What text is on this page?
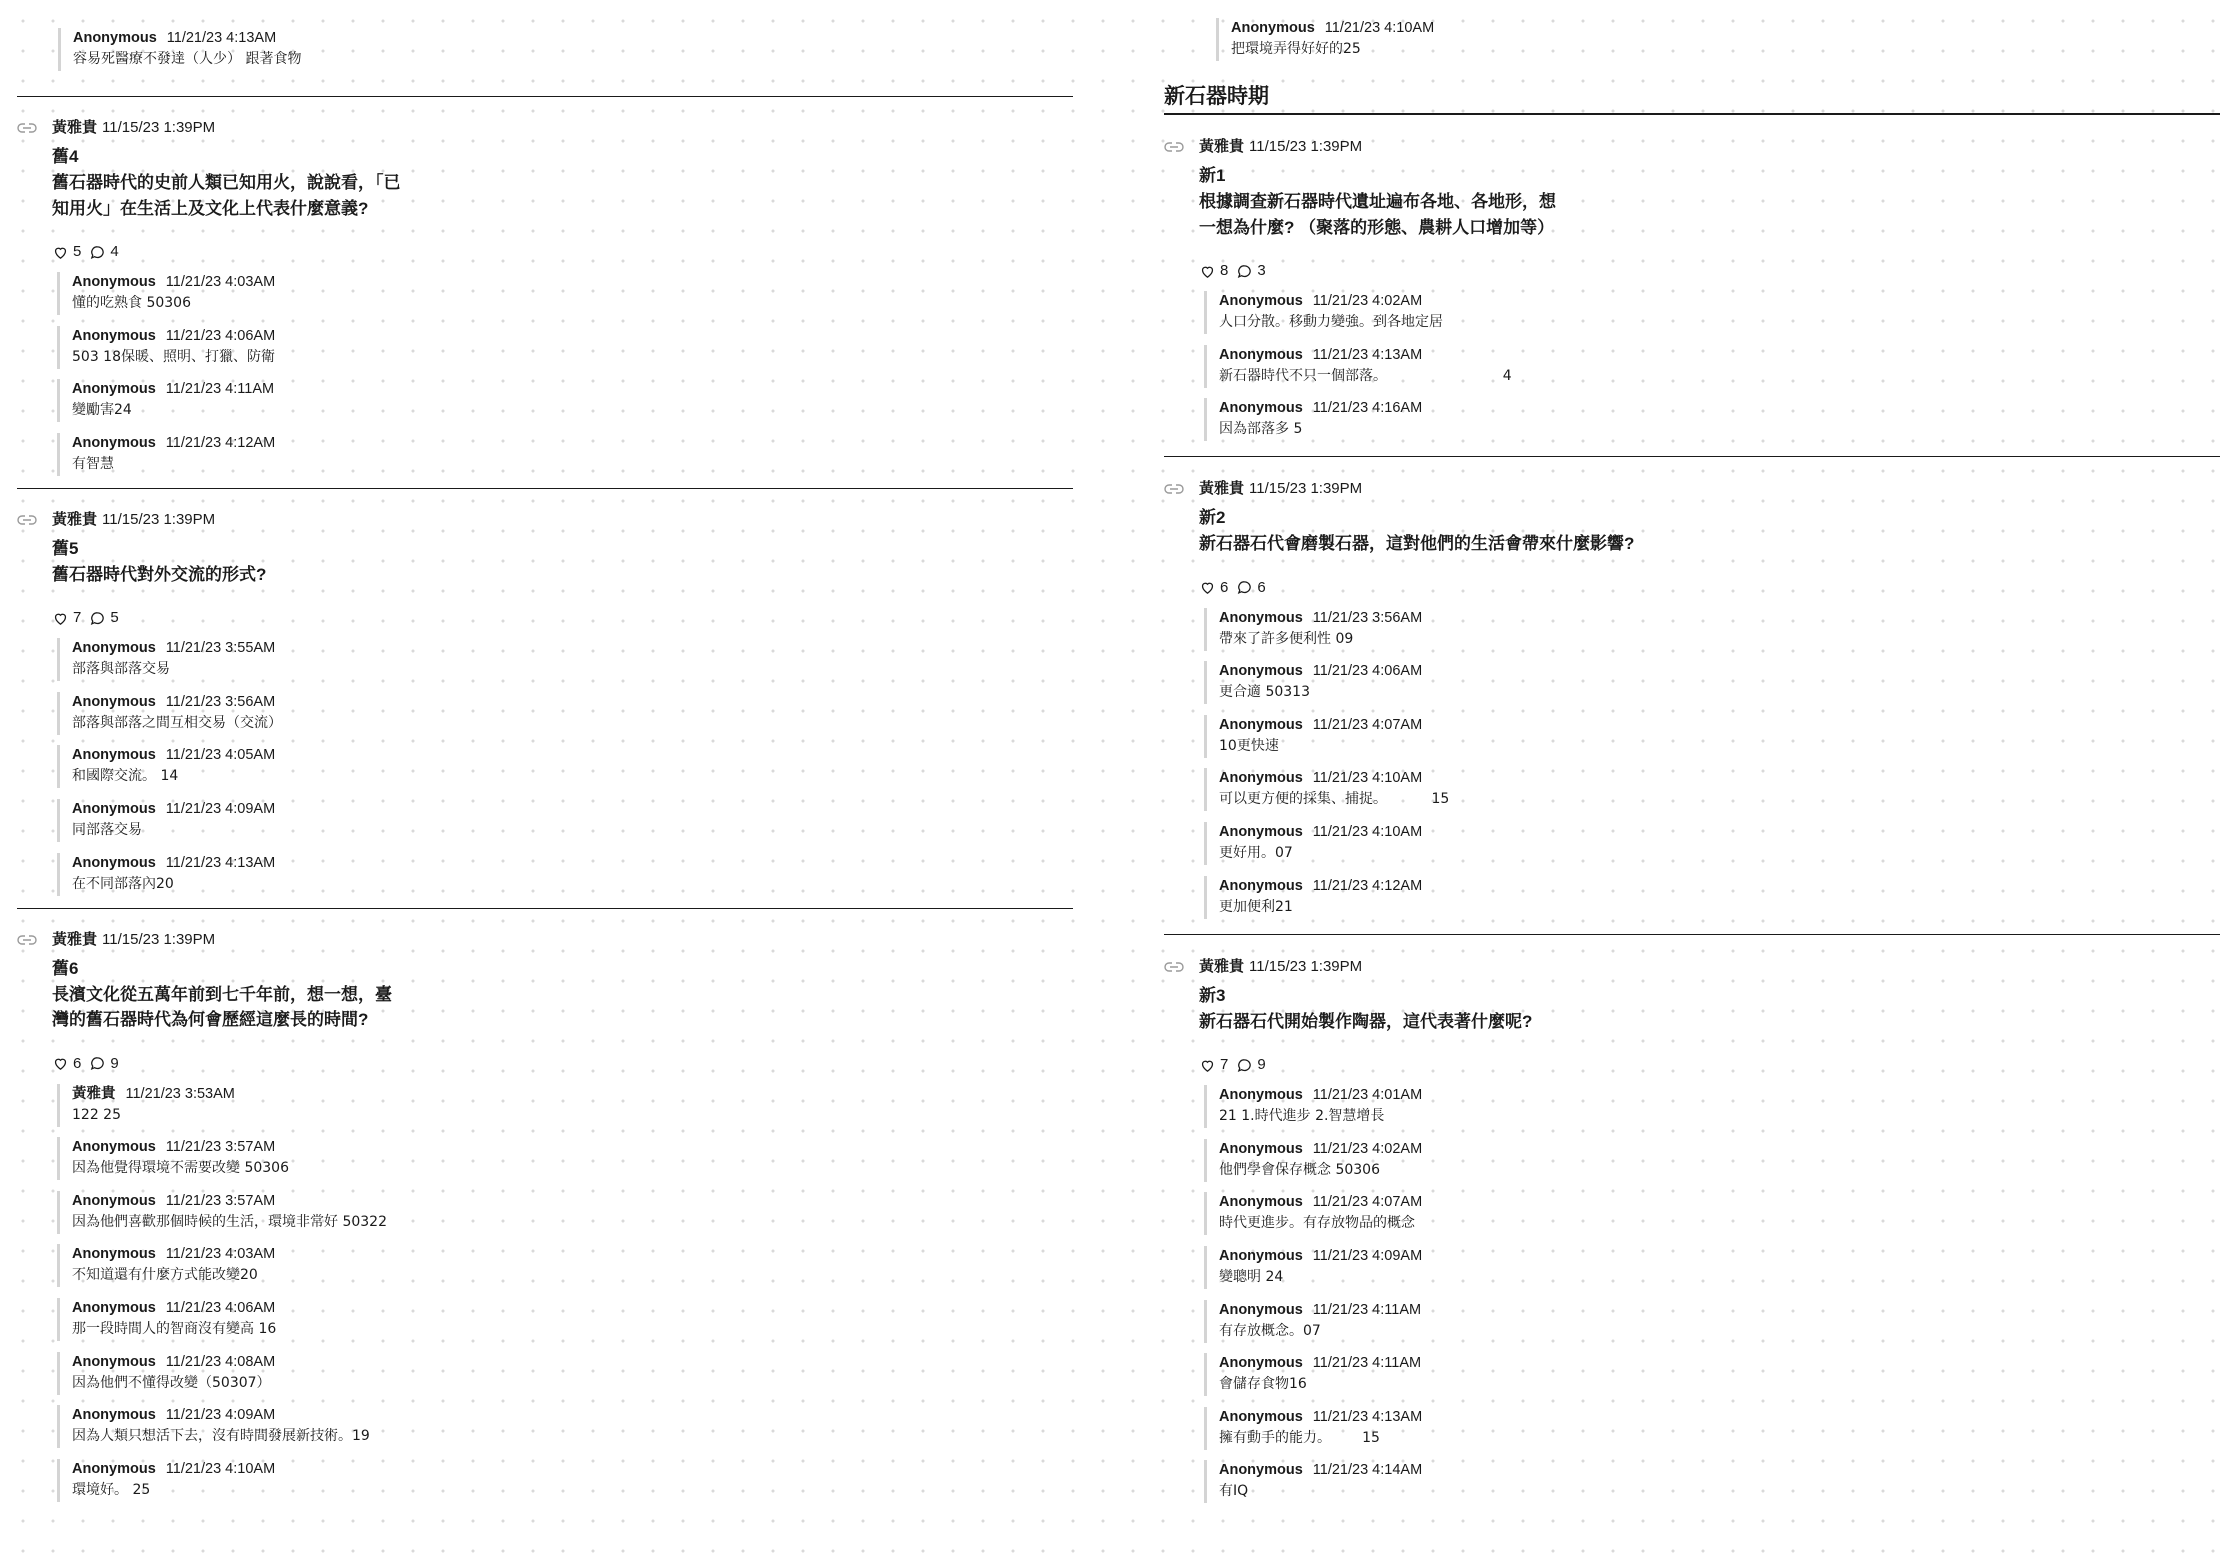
Anonymous 11/21/23 4:13AM
容易死醫療不發達（人少） 跟著食物
黃雅貴 11/15/23 1:39PM
舊4
舊石器時代的史前人類已知用火，說說看，「已
知用火」在生活上及文化上代表什麼意義?
5 4
Anonymous 11/21/23 4:03AM
懂的吃熟食 50306
Anonymous 11/21/23 4:06AM
503 18保暖、照明、打獵、防衛
Anonymous 11/21/23 4:11AM
變勵害24
Anonymous 11/21/23 4:12AM
有智慧
黃雅貴 11/15/23 1:39PM
舊5
舊石器時代對外交流的形式?
7 5
Anonymous 11/21/23 3:55AM
部落與部落交易
Anonymous 11/21/23 3:56AM
部落與部落之間互相交易（交流）
Anonymous 11/21/23 4:05AM
和國際交流。 14
Anonymous 11/21/23 4:09AM
同部落交易
Anonymous 11/21/23 4:13AM
在不同部落內20
黃雅貴 11/15/23 1:39PM
舊6
長濱文化從五萬年前到七千年前，想一想，臺
灣的舊石器時代為何會歷經這麼長的時間?
6 9
黃雅貴 11/21/23 3:53AM
122 25
Anonymous 11/21/23 3:57AM
因為他覺得環境不需要改變 50306
Anonymous 11/21/23 3:57AM
因為他們喜歡那個時候的生活，環境非常好 50322
Anonymous 11/21/23 4:03AM
不知道還有什麼方式能改變20
Anonymous 11/21/23 4:06AM
那一段時間人的智商沒有變高 16
Anonymous 11/21/23 4:08AM
因為他們不懂得改變（50307）
Anonymous 11/21/23 4:09AM
因為人類只想活下去，沒有時間發展新技術。19
Anonymous 11/21/23 4:10AM
環境好。 25
Anonymous 11/21/23 4:10AM
把環境弄得好好的25
新石器時期
黃雅貴 11/15/23 1:39PM
新1
根據調查新石器時代遺址遍布各地、各地形，想
一想為什麼? （聚落的形態、農耕人口增加等）
8 3
Anonymous 11/21/23 4:02AM
人口分散。移動力變強。到各地定居
Anonymous 11/21/23 4:13AM
新石器時代不只一個部落。                          4
Anonymous 11/21/23 4:16AM
因為部落多 5
黃雅貴 11/15/23 1:39PM
新2
新石器石代會磨製石器，這對他們的生活會帶來什麼影響?
6 6
Anonymous 11/21/23 3:56AM
帶來了許多便利性 09
Anonymous 11/21/23 4:06AM
更合適 50313
Anonymous 11/21/23 4:07AM
10更快速
Anonymous 11/21/23 4:10AM
可以更方便的採集、捕捉。          15
Anonymous 11/21/23 4:10AM
更好用。07
Anonymous 11/21/23 4:12AM
更加便利21
黃雅貴 11/15/23 1:39PM
新3
新石器石代開始製作陶器，這代表著什麼呢?
7 9
Anonymous 11/21/23 4:01AM
21 1.時代進步 2.智慧增長
Anonymous 11/21/23 4:02AM
他們學會保存概念 50306
Anonymous 11/21/23 4:07AM
時代更進步。有存放物品的概念
Anonymous 11/21/23 4:09AM
變聰明 24
Anonymous 11/21/23 4:11AM
有存放概念。07
Anonymous 11/21/23 4:11AM
會儲存食物16
Anonymous 11/21/23 4:13AM
擁有動手的能力。       15
Anonymous 11/21/23 4:14AM
有IQ
